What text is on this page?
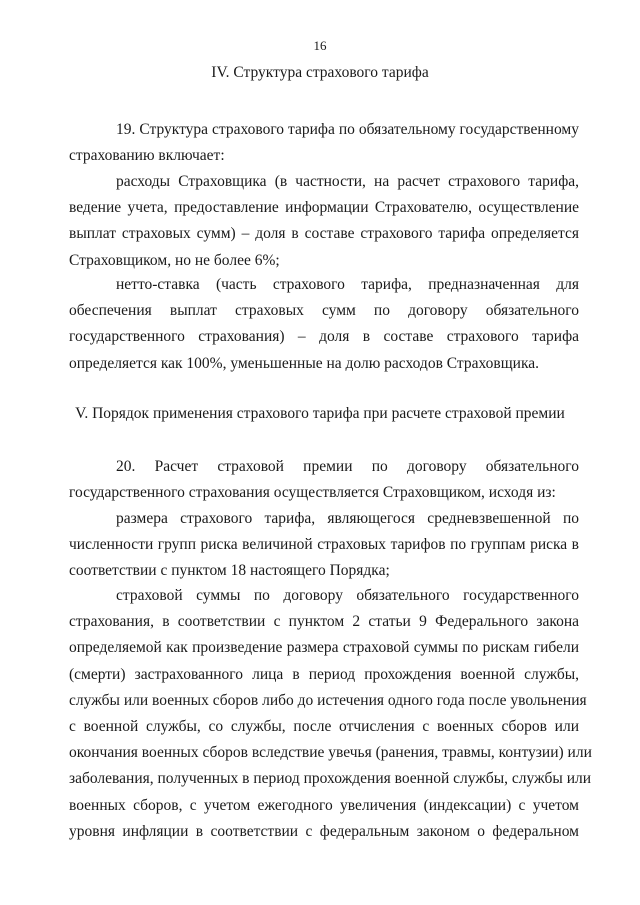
16
IV. Структура страхового тарифа
19. Структура страхового тарифа по обязательному государственному
страхованию включает:
расходы Страховщика (в частности, на расчет страхового тарифа,
ведение учета, предоставление информации Страхователю, осуществление
выплат страховых сумм) – доля в составе страхового тарифа определяется
Страховщиком, но не более 6%;
нетто-ставка (часть страхового тарифа, предназначенная для
обеспечения выплат страховых сумм по договору обязательного
государственного страхования) – доля в составе страхового тарифа
определяется как 100%, уменьшенные на долю расходов Страховщика.
V. Порядок применения страхового тарифа при расчете страховой премии
20. Расчет страховой премии по договору обязательного
государственного страхования осуществляется Страховщиком, исходя из:
размера страхового тарифа, являющегося средневзвешенной по
численности групп риска величиной страховых тарифов по группам риска в
соответствии с пунктом 18 настоящего Порядка;
страховой суммы по договору обязательного государственного
страхования, в соответствии с пунктом 2 статьи 9 Федерального закона
определяемой как произведение размера страховой суммы по рискам гибели
(смерти) застрахованного лица в период прохождения военной службы,
службы или военных сборов либо до истечения одного года после увольнения
с военной службы, со службы, после отчисления с военных сборов или
окончания военных сборов вследствие увечья (ранения, травмы, контузии) или
заболевания, полученных в период прохождения военной службы, службы или
военных сборов, с учетом ежегодного увеличения (индексации) с учетом
уровня инфляции в соответствии с федеральным законом о федеральном
